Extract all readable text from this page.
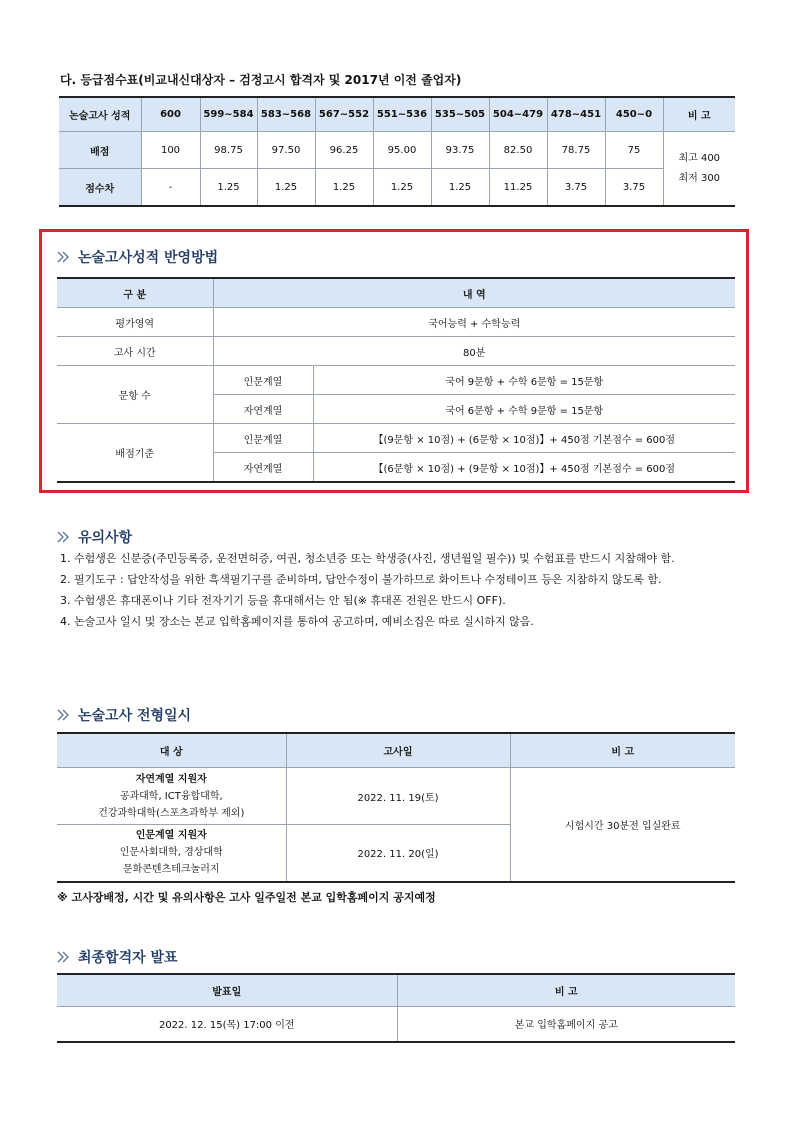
다. 등급점수표(비교내신대상자 – 검정고시 합격자 및 2017년 이전 졸업자)
논술고사 성적	600	599~584	583~568	567~552	551~536	535~505	504~479	478~451	450~0	비 고
배점	100	98.75	97.50	96.25	95.00	93.75	82.50	78.75	75	최고 400
최저 300

점수차	-	1.25	1.25	1.25	1.25	1.25	11.25	3.75	3.75	
논술고사성적 반영방법
구 분	내 역	
평가영역	국어능력 + 수학능력	
고사 시간	80분	
문항 수	인문계열	국어 9문항 + 수학 6문항 = 15문항
	자연계열	국어 6문항 + 수학 9문항 = 15문항
배점기준	인문계열	【(9문항 × 10점) + (6문항 × 10점)】+ 450점 기본점수 = 600점
	자연계열	【(6문항 × 10점) + (9문항 × 10점)】+ 450점 기본점수 = 600점
유의사항
1. 수험생은 신분증(주민등록증, 운전면허증, 여권, 청소년증 또는 학생증(사진, 생년월일 필수)) 및 수험표를 반드시 지참해야 함.
2. 필기도구 : 답안작성을 위한 흑색필기구를 준비하며, 답안수정이 불가하므로 화이트나 수정테이프 등은 지참하지 않도록 함.
3. 수험생은 휴대폰이나 기타 전자기기 등을 휴대해서는 안 됨(※ 휴대폰 전원은 반드시 OFF).
4. 논술고사 일시 및 장소는 본교 입학홈페이지를 통하여 공고하며, 예비소집은 따로 실시하지 않음.
논술고사 전형일시
대 상	고사일	비 고

자연계열 지원자
공과대학, ICT융합대학,
건강과학대학(스포츠과학부 제외)	2022. 11. 19(토)	시험시간 30분전 입실완료

인문계열 지원자
인문사회대학, 경상대학
문화콘텐츠테크놀러지	2022. 11. 20(일)	
※ 고사장배정, 시간 및 유의사항은 고사 일주일전 본교 입학홈페이지 공지예정
최종합격자 발표
발표일	비 고
2022. 12. 15(목) 17:00 이전	본교 입학홈페이지 공고
